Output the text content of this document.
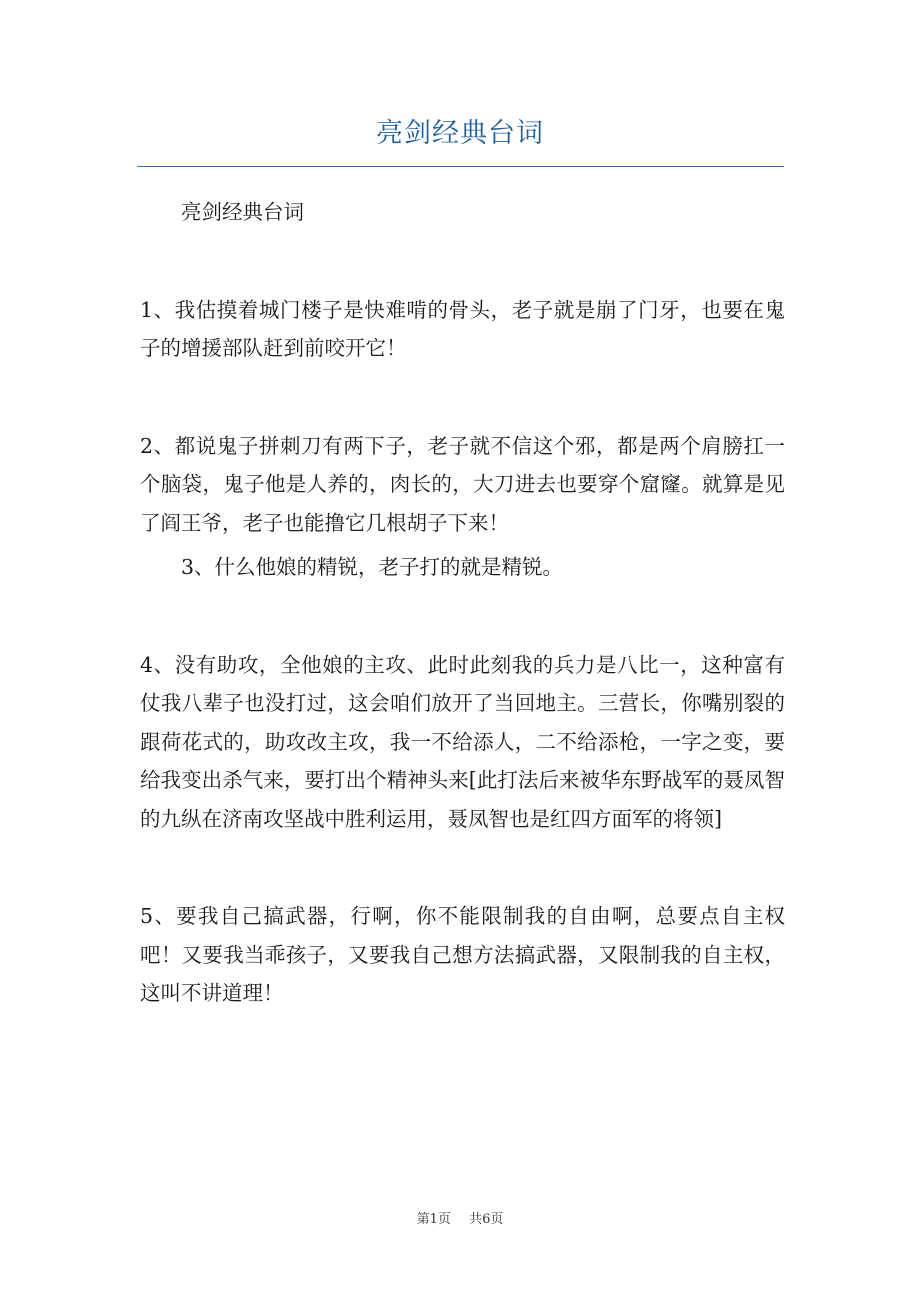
亮剑经典台词

亮剑经典台词

1、我估摸着城门楼子是快难啃的骨头，老子就是崩了门牙，也要在鬼子的增援部队赶到前咬开它！

2、都说鬼子拼刺刀有两下子，老子就不信这个邪，都是两个肩膀扛一个脑袋，鬼子他是人养的，肉长的，大刀进去也要穿个窟窿。就算是见了阎王爷，老子也能撸它几根胡子下来！

3、什么他娘的精锐，老子打的就是精锐。

4、没有助攻，全他娘的主攻、此时此刻我的兵力是八比一，这种富有仗我八辈子也没打过，这会咱们放开了当回地主。三营长，你嘴别裂的跟荷花式的，助攻改主攻，我一不给添人，二不给添枪，一字之变，要给我变出杀气来，要打出个精神头来[此打法后来被华东野战军的聂凤智的九纵在济南攻坚战中胜利运用，聂凤智也是红四方面军的将领]

5、要我自己搞武器，行啊，你不能限制我的自由啊，总要点自主权吧！又要我当乖孩子，又要我自己想方法搞武器，又限制我的自主权，这叫不讲道理！

第1页 共6页
